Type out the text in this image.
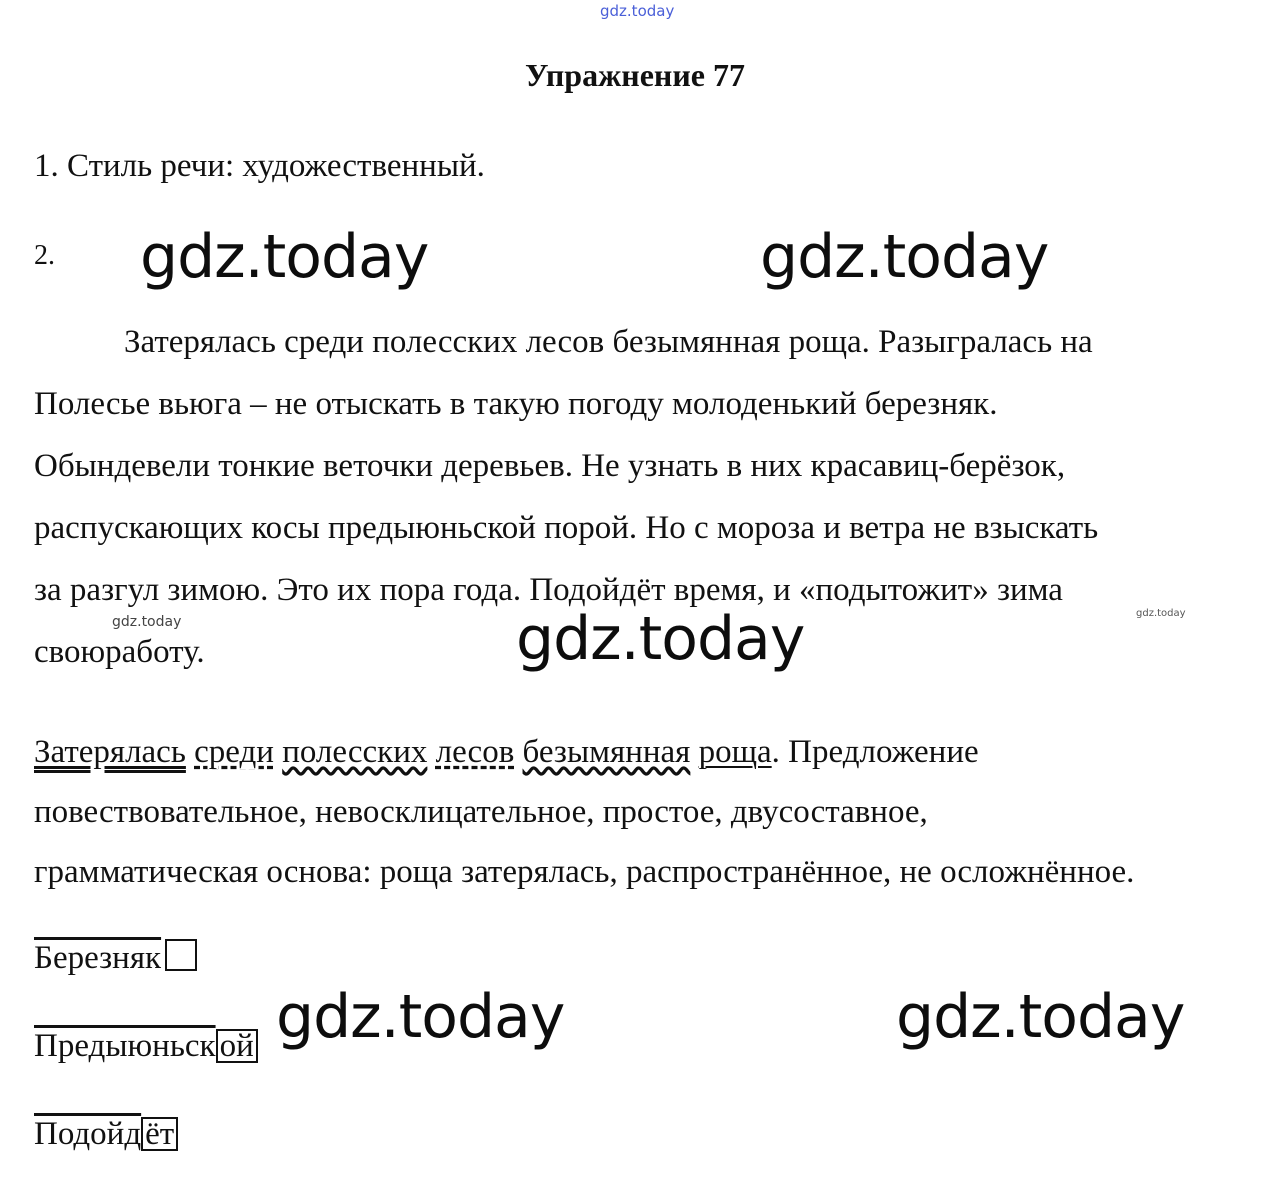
gdz.today
gdz.today	gdz.today
gdz.today
gdz.today	gdz.today
gdz.today
gdz.today
Упражнение 77
1. Стиль речи: художественный.
2.
Затерялась среди полесских лесов безымянная роща. Разыгралась на
Полесье вьюга – не отыскать в такую погоду молоденький березняк.
Обындевели тонкие веточки деревьев. Не узнать в них красавиц-берёзок,
распускающих косы предыюньской порой. Но с мороза и ветра не взыскать
за разгул зимою. Это их пора года. Подойдёт время, и «подытожит» зима
своюработу.
Затерялась среди полесских лесов безымянная роща. Предложение
повествовательное, невосклицательное, простое, двусоставное,
грамматическая основа: роща затерялась, распространённое, не осложнённое.
Березняк
Предыюньск ой
Подойд ёт
